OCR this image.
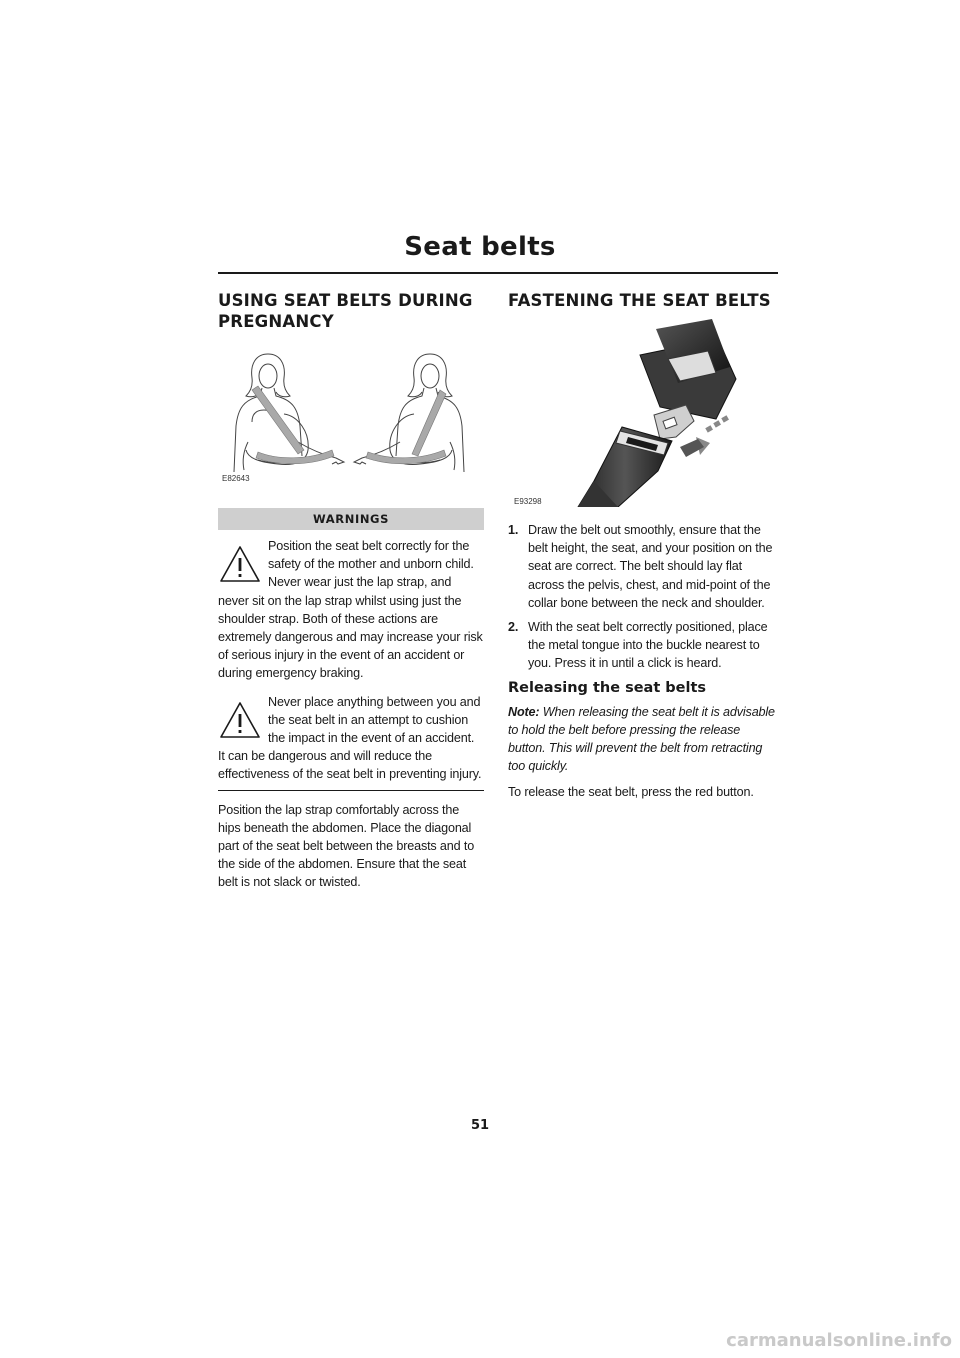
Seat belts
USING SEAT BELTS DURING PREGNANCY
E82643
WARNINGS

Position the seat belt correctly for the safety of the mother and unborn child. Never wear just the lap strap, and never sit on the lap strap whilst using just the shoulder strap. Both of these actions are extremely dangerous and may increase your risk of serious injury in the event of an accident or during emergency braking.

Never place anything between you and the seat belt in an attempt to cushion the impact in the event of an accident. It can be dangerous and will reduce the effectiveness of the seat belt in preventing injury.

Position the lap strap comfortably across the hips beneath the abdomen. Place the diagonal part of the seat belt between the breasts and to the side of the abdomen. Ensure that the seat belt is not slack or twisted.

FASTENING THE SEAT BELTS
E93298
1. Draw the belt out smoothly, ensure that the belt height, the seat, and your position on the seat are correct. The belt should lay flat across the pelvis, chest, and mid-point of the collar bone between the neck and shoulder.
2. With the seat belt correctly positioned, place the metal tongue into the buckle nearest to you. Press it in until a click is heard.
Releasing the seat belts

Note: When releasing the seat belt it is advisable to hold the belt before pressing the release button. This will prevent the belt from retracting too quickly.

To release the seat belt, press the red button.

51
carmanualsonline.info
